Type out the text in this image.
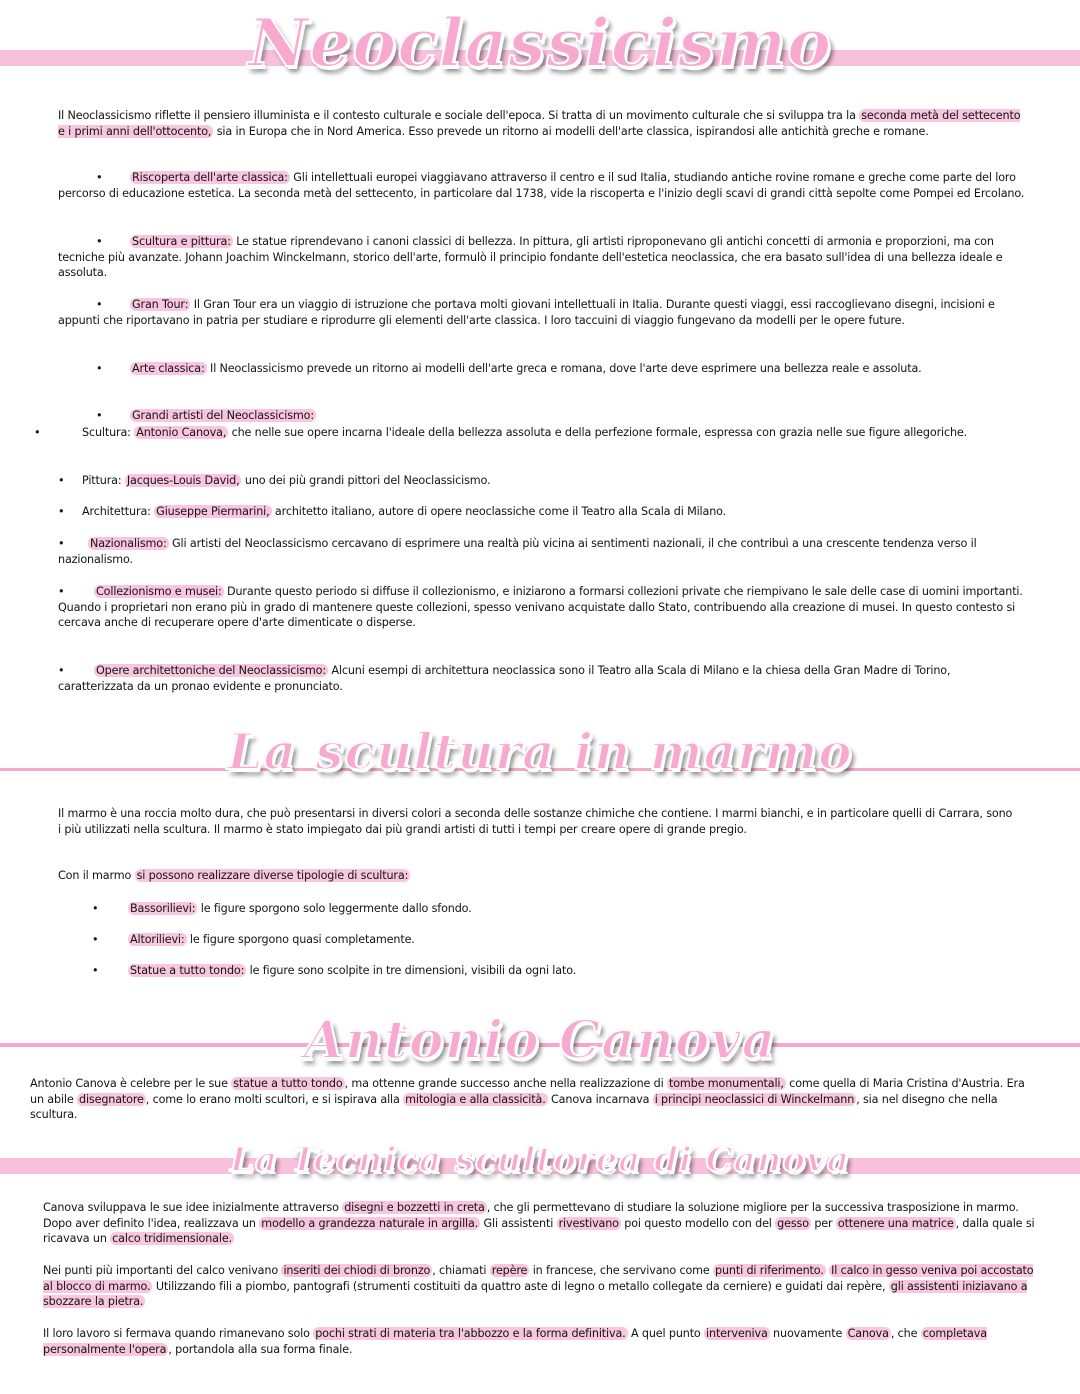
Neoclassicismo

Il Neoclassicismo riflette il pensiero illuminista e il contesto culturale e sociale dell'epoca. Si tratta di un movimento culturale che si sviluppa tra la seconda metà del settecento e i primi anni dell'ottocento, sia in Europa che in Nord America. Esso prevede un ritorno ai modelli dell'arte classica, ispirandosi alle antichità greche e romane.

•	Riscoperta dell'arte classica: Gli intellettuali europei viaggiavano attraverso il centro e il sud Italia, studiando antiche rovine romane e greche come parte del loro percorso di educazione estetica. La seconda metà del settecento, in particolare dal 1738, vide la riscoperta e l'inizio degli scavi di grandi città sepolte come Pompei ed Ercolano.

•	Scultura e pittura: Le statue riprendevano i canoni classici di bellezza. In pittura, gli artisti riproponevano gli antichi concetti di armonia e proporzioni, ma con tecniche più avanzate. Johann Joachim Winckelmann, storico dell'arte, formulò il principio fondante dell'estetica neoclassica, che era basato sull'idea di una bellezza ideale e assoluta.

•	Gran Tour: Il Gran Tour era un viaggio di istruzione che portava molti giovani intellettuali in Italia. Durante questi viaggi, essi raccoglievano disegni, incisioni e appunti che riportavano in patria per studiare e riprodurre gli elementi dell'arte classica. I loro taccuini di viaggio fungevano da modelli per le opere future.

•	Arte classica: Il Neoclassicismo prevede un ritorno ai modelli dell'arte greca e romana, dove l'arte deve esprimere una bellezza reale e assoluta.

•	Grandi artisti del Neoclassicismo:

•	Scultura: Antonio Canova, che nelle sue opere incarna l'ideale della bellezza assoluta e della perfezione formale, espressa con grazia nelle sue figure allegoriche.

• Pittura: Jacques-Louis David, uno dei più grandi pittori del Neoclassicismo.

• Architettura: Giuseppe Piermarini, architetto italiano, autore di opere neoclassiche come il Teatro alla Scala di Milano.

• Nazionalismo: Gli artisti del Neoclassicismo cercavano di esprimere una realtà più vicina ai sentimenti nazionali, il che contribuì a una crescente tendenza verso il nazionalismo.

•	Collezionismo e musei: Durante questo periodo si diffuse il collezionismo, e iniziarono a formarsi collezioni private che riempivano le sale delle case di uomini importanti. Quando i proprietari non erano più in grado di mantenere queste collezioni, spesso venivano acquistate dallo Stato, contribuendo alla creazione di musei. In questo contesto si cercava anche di recuperare opere d'arte dimenticate o disperse.

•	Opere architettoniche del Neoclassicismo: Alcuni esempi di architettura neoclassica sono il Teatro alla Scala di Milano e la chiesa della Gran Madre di Torino, caratterizzata da un pronao evidente e pronunciato.

La scultura in marmo

Il marmo è una roccia molto dura, che può presentarsi in diversi colori a seconda delle sostanze chimiche che contiene. I marmi bianchi, e in particolare quelli di Carrara, sono i più utilizzati nella scultura. Il marmo è stato impiegato dai più grandi artisti di tutti i tempi per creare opere di grande pregio.

Con il marmo si possono realizzare diverse tipologie di scultura:

•	Bassorilievi: le figure sporgono solo leggermente dallo sfondo.

•	Altorilievi: le figure sporgono quasi completamente.

•	Statue a tutto tondo: le figure sono scolpite in tre dimensioni, visibili da ogni lato.

Antonio Canova

Antonio Canova è celebre per le sue statue a tutto tondo , ma ottenne grande successo anche nella realizzazione di tombe monumentali, come quella di Maria Cristina d'Austria. Era un abile disegnatore , come lo erano molti scultori, e si ispirava alla mitologia e alla classicità. Canova incarnava i principi neoclassici di Winckelmann , sia nel disegno che nella scultura.

La Tecnica scultorea di Canova

Canova sviluppava le sue idee inizialmente attraverso disegni e bozzetti in creta , che gli permettevano di studiare la soluzione migliore per la successiva trasposizione in marmo. Dopo aver definito l'idea, realizzava un modello a grandezza naturale in argilla. Gli assistenti rivestivano poi questo modello con del gesso per ottenere una matrice , dalla quale si ricavava un calco tridimensionale.

Nei punti più importanti del calco venivano inseriti dei chiodi di bronzo , chiamati repère in francese, che servivano come punti di riferimento. Il calco in gesso veniva poi accostato al blocco di marmo. Utilizzando fili a piombo, pantografi (strumenti costituiti da quattro aste di legno o metallo collegate da cerniere) e guidati dai repère, gli assistenti iniziavano a sbozzare la pietra.

Il loro lavoro si fermava quando rimanevano solo pochi strati di materia tra l'abbozzo e la forma definitiva. A quel punto interveniva nuovamente Canova , che completava personalmente l'opera , portandola alla sua forma finale.
